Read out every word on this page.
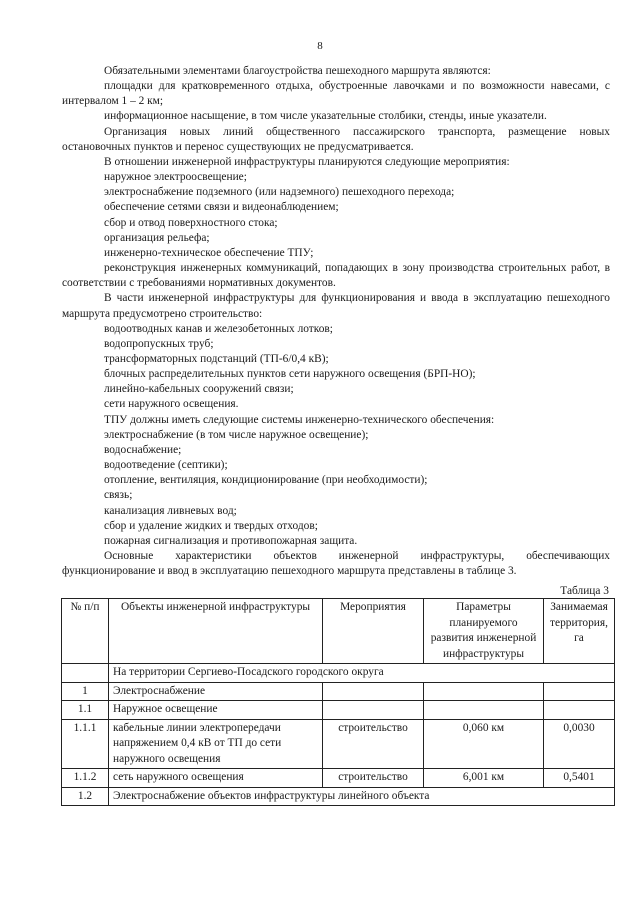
8

Обязательными элементами благоустройства пешеходного маршрута являются:

площадки для кратковременного отдыха, обустроенные лавочками и по возможности навесами, с интервалом 1 – 2 км;

информационное насыщение, в том числе указательные столбики, стенды, иные указатели.

Организация новых линий общественного пассажирского транспорта, размещение новых остановочных пунктов и перенос существующих не предусматривается.

В отношении инженерной инфраструктуры планируются следующие мероприятия:

наружное электроосвещение;

электроснабжение подземного (или надземного) пешеходного перехода;

обеспечение сетями связи и видеонаблюдением;

сбор и отвод поверхностного стока;

организация рельефа;

инженерно-техническое обеспечение ТПУ;

реконструкция инженерных коммуникаций, попадающих в зону производства строительных работ, в соответствии с требованиями нормативных документов.

В части инженерной инфраструктуры для функционирования и ввода в эксплуатацию пешеходного маршрута предусмотрено строительство:

водоотводных канав и железобетонных лотков;

водопропускных труб;

трансформаторных подстанций (ТП-6/0,4 кВ);

блочных распределительных пунктов сети наружного освещения (БРП-НО);

линейно-кабельных сооружений связи;

сети наружного освещения.

ТПУ должны иметь следующие системы инженерно-технического обеспечения:

электроснабжение (в том числе наружное освещение);

водоснабжение;

водоотведение (септики);

отопление, вентиляция, кондиционирование (при необходимости);

связь;

канализация ливневых вод;

сбор и удаление жидких и твердых отходов;

пожарная сигнализация и противопожарная защита.

Основные характеристики объектов инженерной инфраструктуры, обеспечивающих функционирование и ввод в эксплуатацию пешеходного маршрута представлены в таблице 3.

Таблица 3
№ п/п	Объекты инженерной инфраструктуры	Мероприятия	Параметры планируемого развития инженерной инфраструктуры	Занимаемая территория, га
	На территории Сергиево-Посадского городского округа			
1	Электроснабжение			
1.1	Наружное освещение			
1.1.1	кабельные линии электропередачи напряжением 0,4 кВ от ТП до сети наружного освещения	строительство	0,060 км	0,0030
1.1.2	сеть наружного освещения	строительство	6,001 км	0,5401
1.2	Электроснабжение объектов инфраструктуры линейного объекта			
